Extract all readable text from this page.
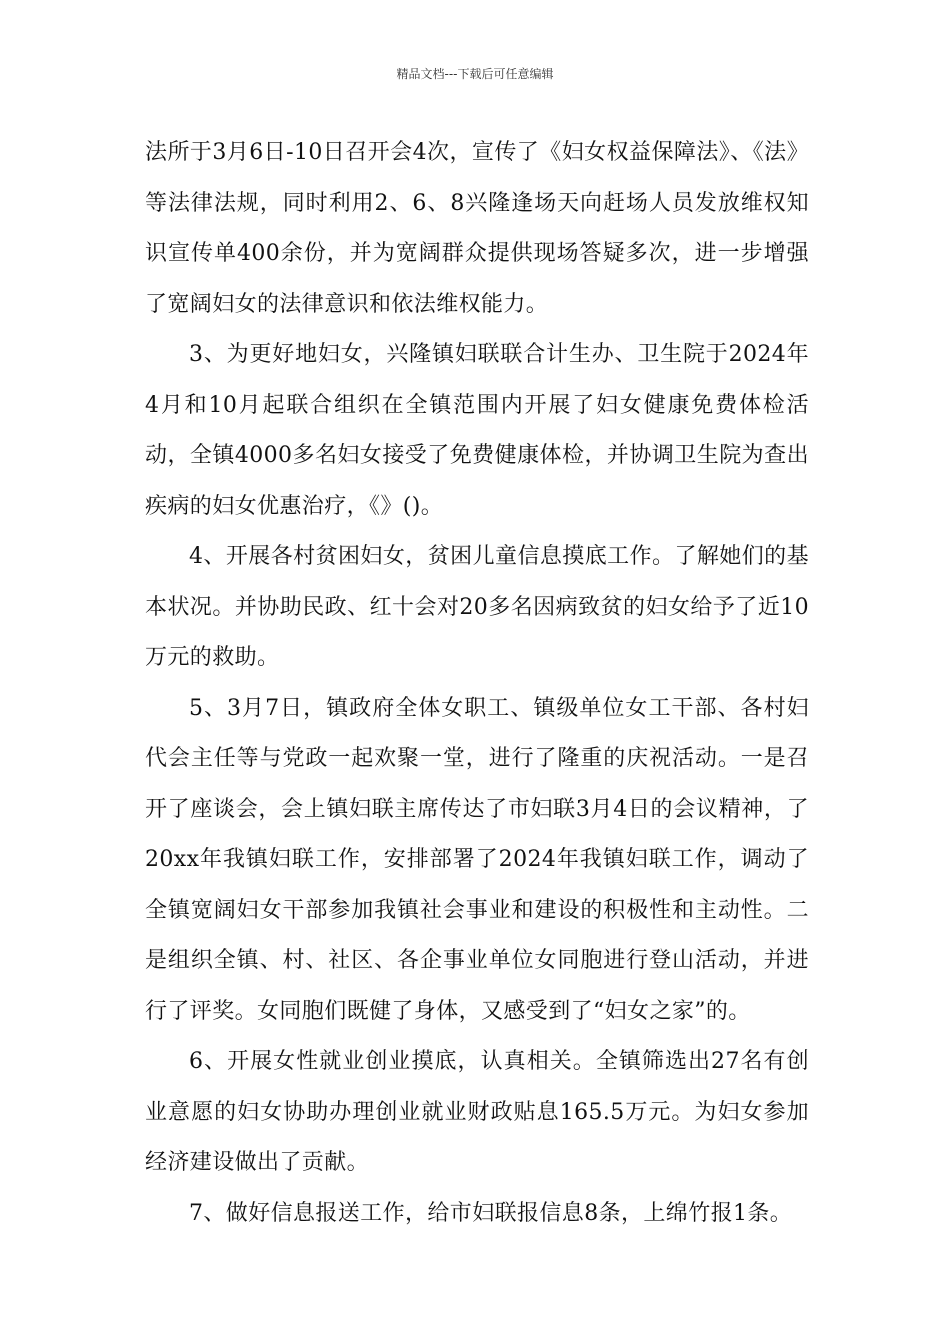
精品文档---下载后可任意编辑

法所于3月6日-10日召开会4次，宣传了《妇女权益保障法》、《法》等法律法规，同时利用2、6、8兴隆逢场天向赶场人员发放维权知识宣传单400余份，并为宽阔群众提供现场答疑多次，进一步增强了宽阔妇女的法律意识和依法维权能力。

3、为更好地妇女，兴隆镇妇联联合计生办、卫生院于2024年4月和10月起联合组织在全镇范围内开展了妇女健康免费体检活动，全镇4000多名妇女接受了免费健康体检，并协调卫生院为查出疾病的妇女优惠治疗，《》()。

4、开展各村贫困妇女，贫困儿童信息摸底工作。了解她们的基本状况。并协助民政、红十会对20多名因病致贫的妇女给予了近10万元的救助。

5、3月7日，镇政府全体女职工、镇级单位女工干部、各村妇代会主任等与党政一起欢聚一堂，进行了隆重的庆祝活动。一是召开了座谈会，会上镇妇联主席传达了市妇联3月4日的会议精神，了20xx年我镇妇联工作，安排部署了2024年我镇妇联工作，调动了全镇宽阔妇女干部参加我镇社会事业和建设的积极性和主动性。二是组织全镇、村、社区、各企事业单位女同胞进行登山活动，并进行了评奖。女同胞们既健了身体，又感受到了“妇女之家”的。

6、开展女性就业创业摸底，认真相关。全镇筛选出27名有创业意愿的妇女协助办理创业就业财政贴息165.5万元。为妇女参加经济建设做出了贡献。

7、做好信息报送工作，给市妇联报信息8条，上绵竹报1条。
